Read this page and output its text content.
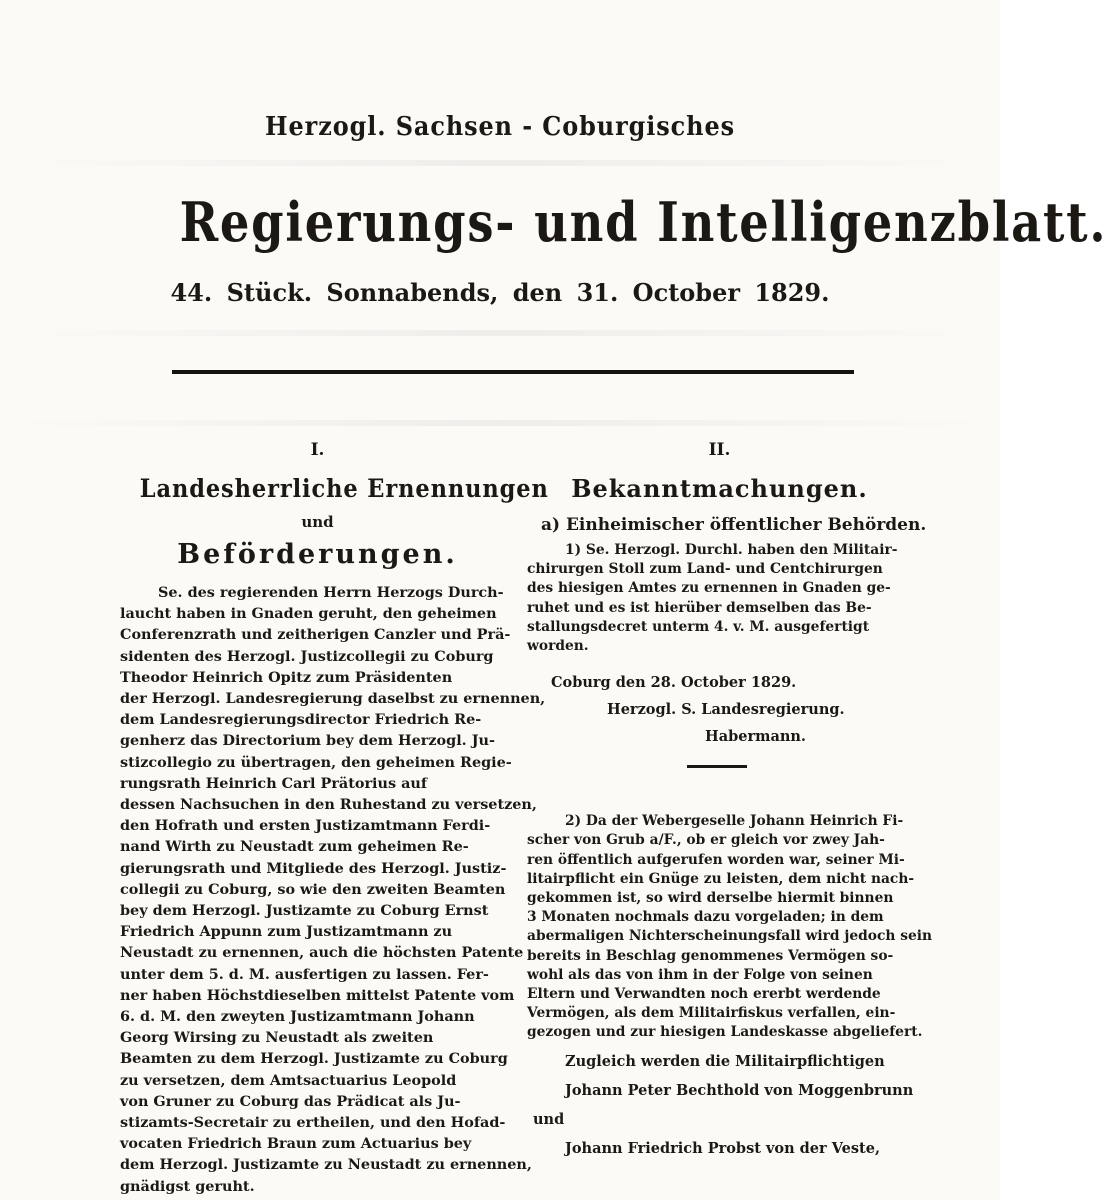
Herzogl. Sachsen - Coburgisches
Regierungs- und Intelligenzblatt.
44. Stück. Sonnabends, den 31. October 1829.
I.
Landesherrliche Ernennungen
und
Beförderungen.
Se. des regierenden Herrn Herzogs Durch-
laucht haben in Gnaden geruht, den geheimen
Conferenzrath und zeitherigen Canzler und Prä-
sidenten des Herzogl. Justizcollegii zu Coburg
Theodor Heinrich Opitz zum Präsidenten
der Herzogl. Landesregierung daselbst zu ernennen,
dem Landesregierungsdirector Friedrich Re-
genherz das Directorium bey dem Herzogl. Ju-
stizcollegio zu übertragen, den geheimen Regie-
rungsrath Heinrich Carl Prätorius auf
dessen Nachsuchen in den Ruhestand zu versetzen,
den Hofrath und ersten Justizamtmann Ferdi-
nand Wirth zu Neustadt zum geheimen Re-
gierungsrath und Mitgliede des Herzogl. Justiz-
collegii zu Coburg, so wie den zweiten Beamten
bey dem Herzogl. Justizamte zu Coburg Ernst
Friedrich Appunn zum Justizamtmann zu
Neustadt zu ernennen, auch die höchsten Patente
unter dem 5. d. M. ausfertigen zu lassen. Fer-
ner haben Höchstdieselben mittelst Patente vom
6. d. M. den zweyten Justizamtmann Johann
Georg Wirsing zu Neustadt als zweiten
Beamten zu dem Herzogl. Justizamte zu Coburg
zu versetzen, dem Amtsactuarius Leopold
von Gruner zu Coburg das Prädicat als Ju-
stizamts-Secretair zu ertheilen, und den Hofad-
vocaten Friedrich Braun zum Actuarius bey
dem Herzogl. Justizamte zu Neustadt zu ernennen,
gnädigst geruht.
II.
Bekanntmachungen.
a) Einheimischer öffentlicher Behörden.
1) Se. Herzogl. Durchl. haben den Militair-
chirurgen Stoll zum Land- und Centchirurgen
des hiesigen Amtes zu ernennen in Gnaden ge-
ruhet und es ist hierüber demselben das Be-
stallungsdecret unterm 4. v. M. ausgefertigt
worden.
Coburg den 28. October 1829.
Herzogl. S. Landesregierung.
Habermann.
2) Da der Webergeselle Johann Heinrich Fi-
scher von Grub a/F., ob er gleich vor zwey Jah-
ren öffentlich aufgerufen worden war, seiner Mi-
litairpflicht ein Gnüge zu leisten, dem nicht nach-
gekommen ist, so wird derselbe hiermit binnen
3 Monaten nochmals dazu vorgeladen; in dem
abermaligen Nichterscheinungsfall wird jedoch sein
bereits in Beschlag genommenes Vermögen so-
wohl als das von ihm in der Folge von seinen
Eltern und Verwandten noch ererbt werdende
Vermögen, als dem Militairfiskus verfallen, ein-
gezogen und zur hiesigen Landeskasse abgeliefert.
Zugleich werden die Militairpflichtigen
Johann Peter Bechthold von Moggenbrunn
und
Johann Friedrich Probst von der Veste,
